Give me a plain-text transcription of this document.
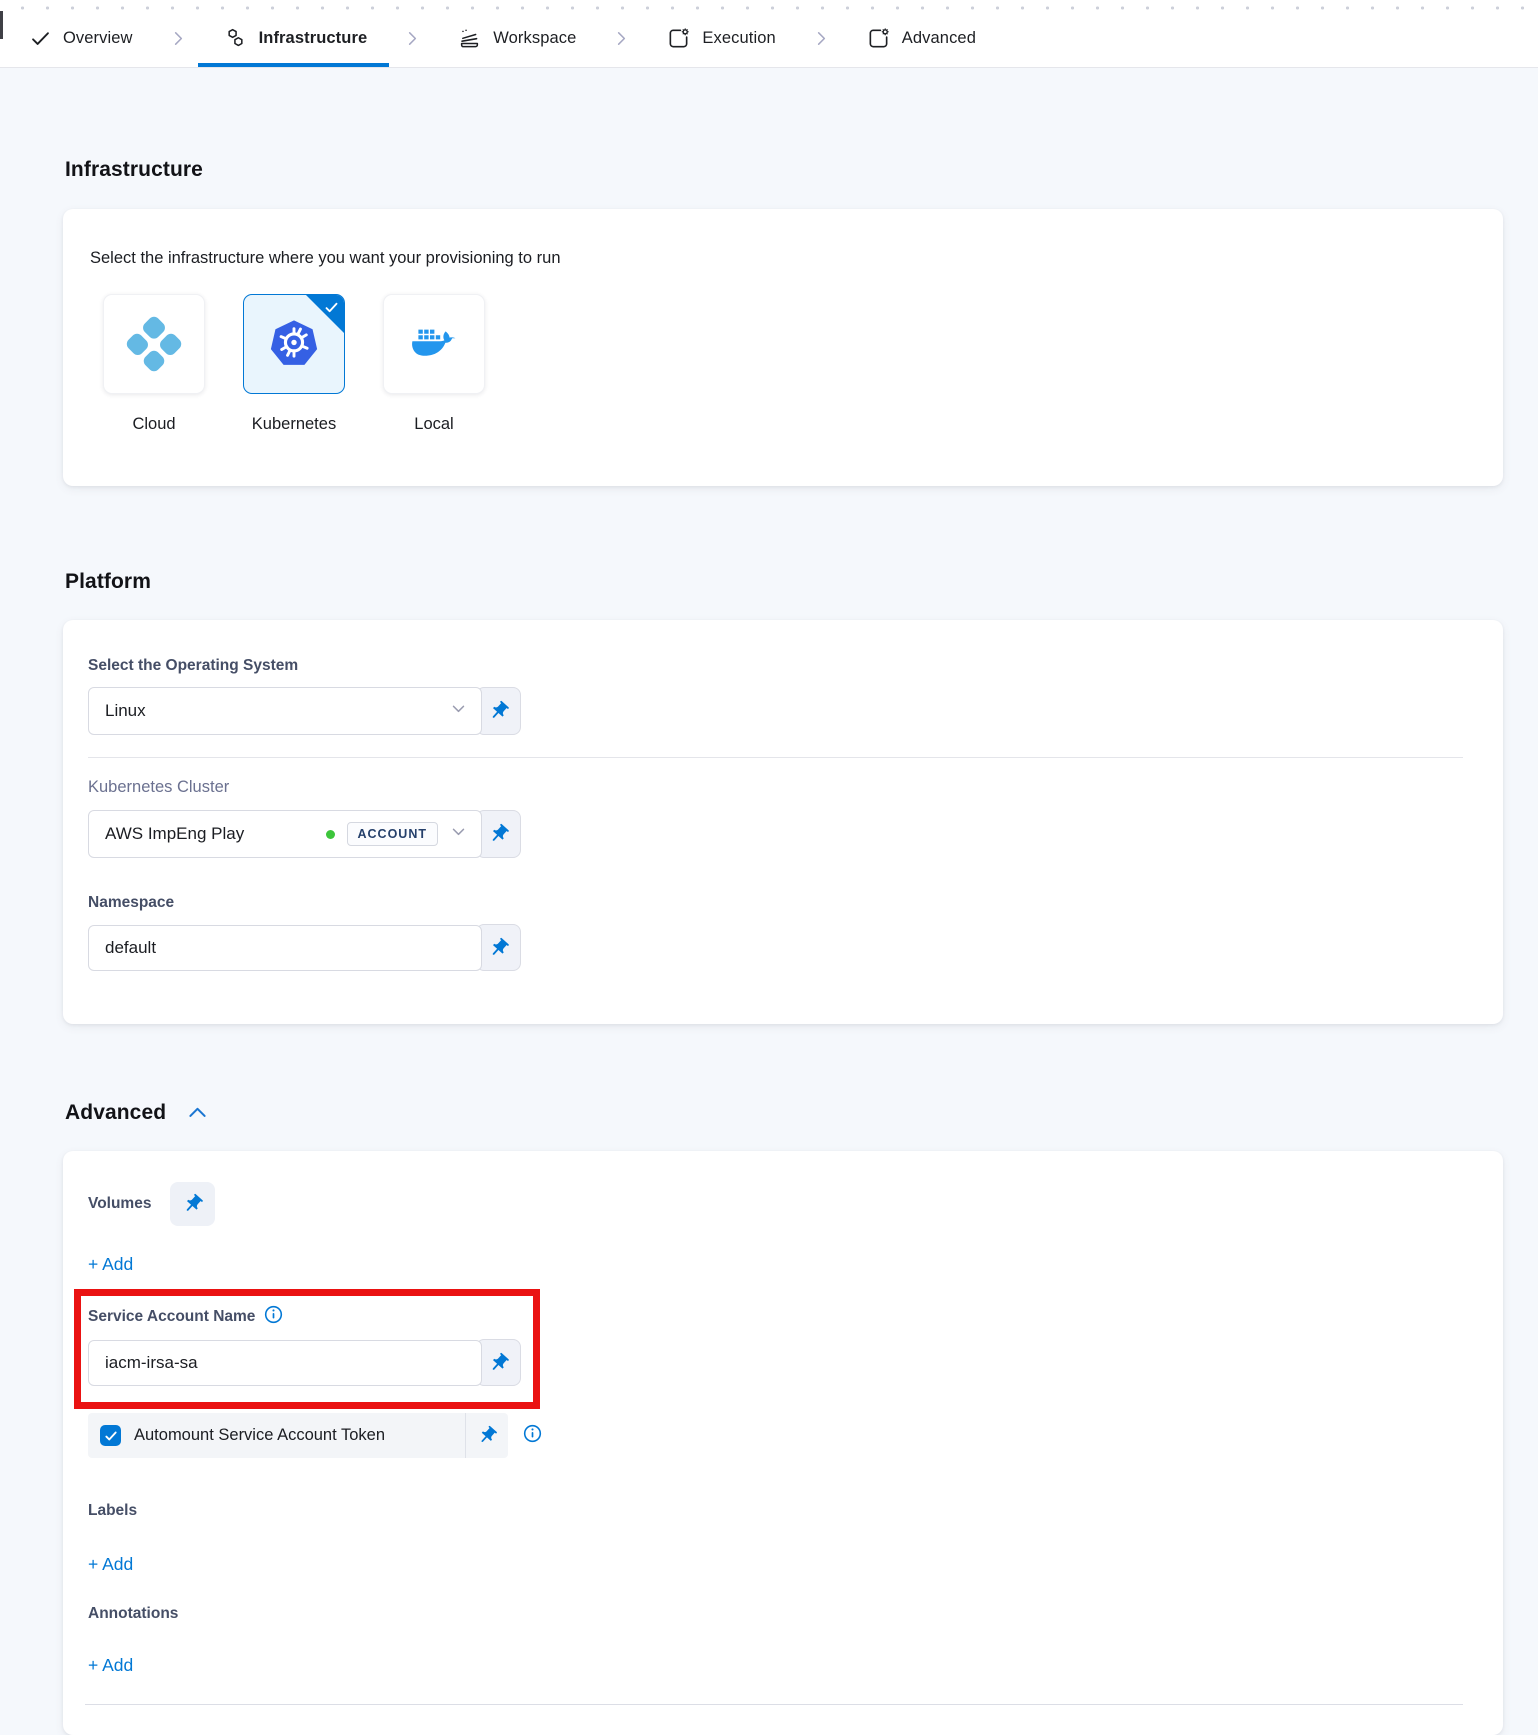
Overview	Infrastructure	Workspace	Execution	Advanced
Infrastructure
Select the infrastructure where you want your provisioning to run
Cloud	Kubernetes	Local
Platform
Select the Operating System
Linux
Kubernetes Cluster
AWS ImpEng Play	ACCOUNT
Namespace
default
Advanced
Volumes
+ Add
Service Account Name
iacm-irsa-sa
Automount Service Account Token
Labels
+ Add
Annotations
+ Add
